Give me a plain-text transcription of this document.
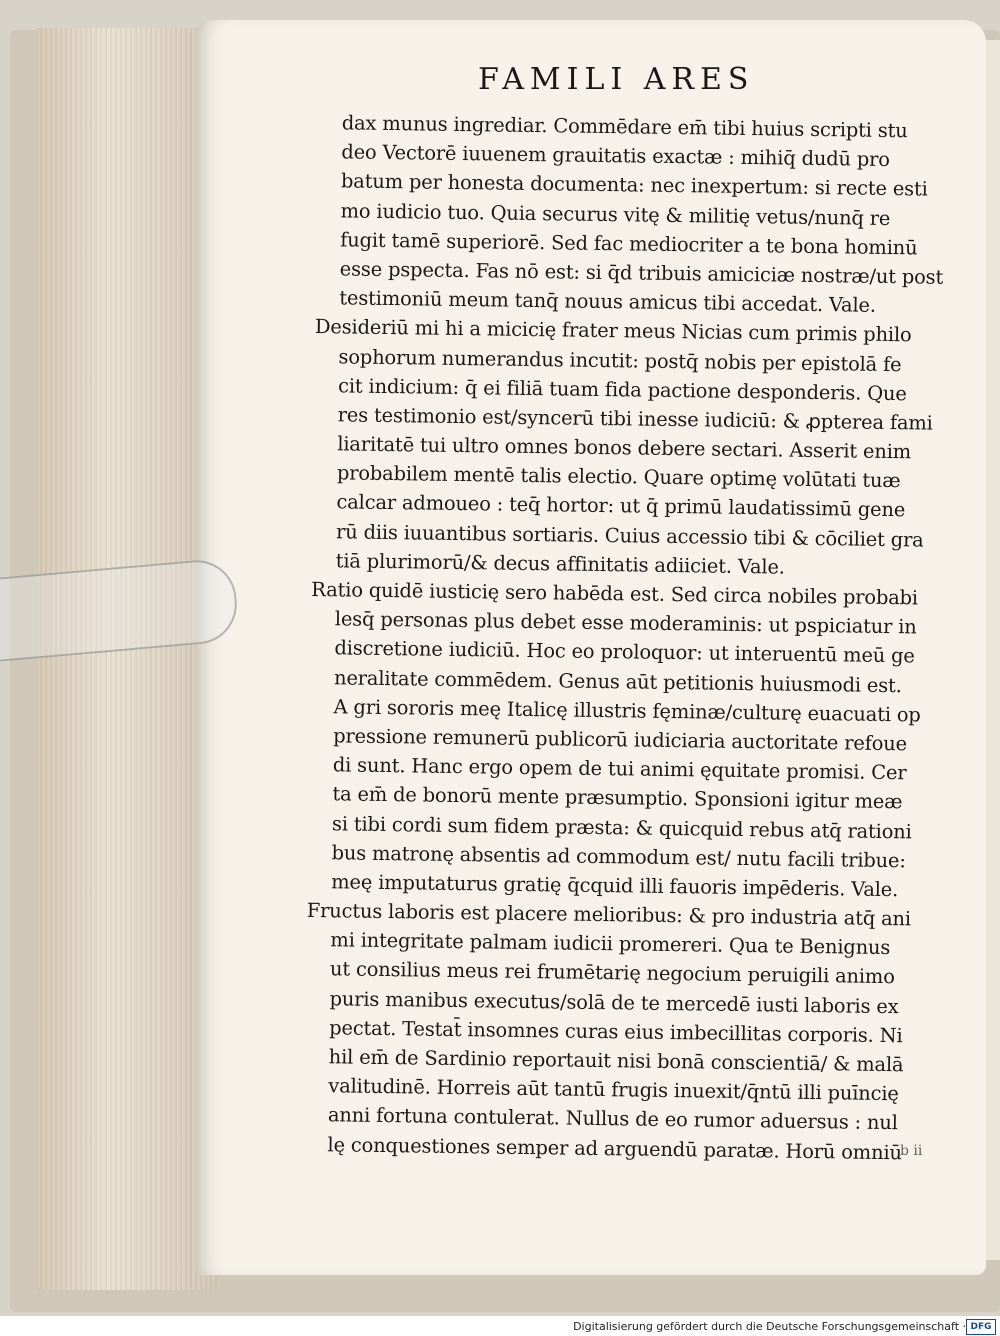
FAMILI ARES
dax munus ingrediar. Commēdare em̄ tibi huius scripti stu
deo Vectorē iuuenem grauitatis exactæ : mihiq̄ dudū pro
batum per honesta documenta: nec inexpertum: si recte esti
mo iudicio tuo. Quia securus vitę & militię vetus/nunq̄ re
fugit tamē superiorē. Sed fac mediocriter a te bona hominū
esse pspecta. Fas nō est: si q̄d tribuis amiciciæ nostræ/ut post
testimoniū meum tanq̄ nouus amicus tibi accedat. Vale.
Desideriū mi hi a micicię frater meus Nicias cum primis philo
sophorum numerandus incutit: postq̄ nobis per epistolā fe
cit indicium: q̄ ei filiā tuam fida pactione desponderis. Que
res testimonio est/syncerū tibi inesse iudiciū: & ꝓpterea fami
liaritatē tui ultro omnes bonos debere sectari. Asserit enim
probabilem mentē talis electio. Quare optimę volūtati tuæ
calcar admoueo : teq̄ hortor: ut q̄ primū laudatissimū gene
rū diis iuuantibus sortiaris. Cuius accessio tibi & cōciliet gra
tiā plurimorū/& decus affinitatis adiiciet. Vale.
Ratio quidē iusticię sero habēda est. Sed circa nobiles probabi
lesq̄ personas plus debet esse moderaminis: ut pspiciatur in
discretione iudiciū. Hoc eo proloquor: ut interuentū meū ge
neralitate commēdem. Genus aūt petitionis huiusmodi est.
A gri sororis meę Italicę illustris fęminæ/culturę euacuati op
pressione remunerū publicorū iudiciaria auctoritate refoue
di sunt. Hanc ergo opem de tui animi ęquitate promisi. Cer
ta em̄ de bonorū mente præsumptio. Sponsioni igitur meæ
si tibi cordi sum fidem præsta: & quicquid rebus atq̄ rationi
bus matronę absentis ad commodum est/ nutu facili tribue:
meę imputaturus gratię q̄cquid illi fauoris impēderis. Vale.
Fructus laboris est placere melioribus: & pro industria atq̄ ani
mi integritate palmam iudicii promereri. Qua te Benignus
ut consilius meus rei frumētarię negocium peruigili animo
puris manibus executus/solā de te mercedē iusti laboris ex
pectat. Testat̄ insomnes curas eius imbecillitas corporis. Ni
hil em̄ de Sardinio reportauit nisi bonā conscientiā/ & malā
valitudinē. Horreis aūt tantū frugis inuexit/q̄ntū illi puīncię
anni fortuna contulerat. Nullus de eo rumor aduersus : nul
lę conquestiones semper ad arguendū paratæ. Horū omniū
b ii
Digitalisierung gefördert durch die Deutsche Forschungsgemeinschaft · DFG
